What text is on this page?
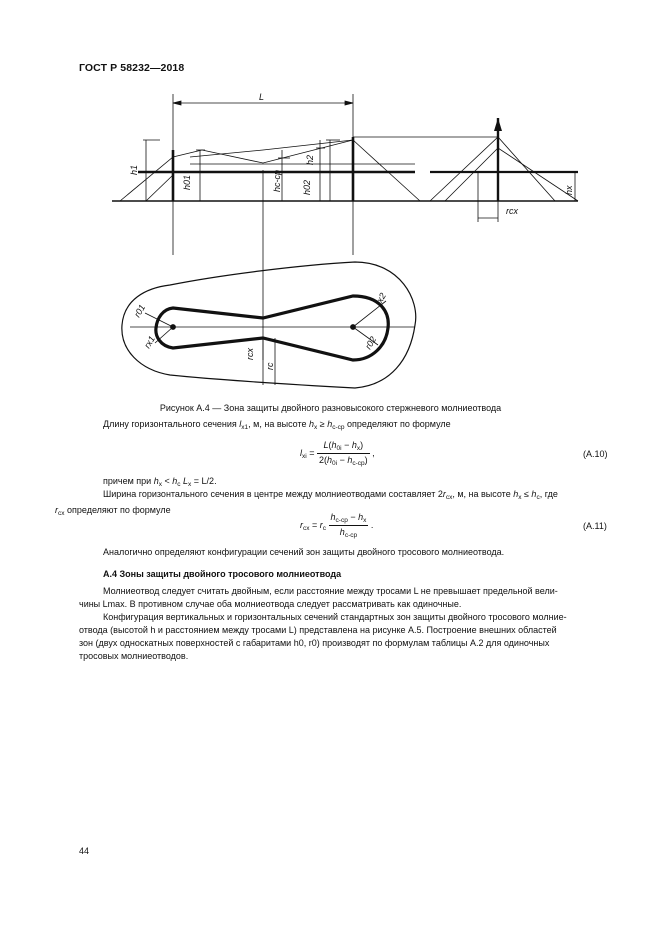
ГОСТ Р 58232—2018
L
h1
h01
h2
h02
hc-cp	hx
rcx
r01
rx1
rx2
r02
rcx
rc
Рисунок А.4 — Зона защиты двойного разновысокого стержневого молниеотвода
Длину горизонтального сечения $l_{x1}$, м, на высоте $h_x \ge h_{c-cp}$ определяют по формуле
$l_{xi} = \frac{L(h_{0i} - h_x)}{2(h_{0i} - h_{c-cp})}$ ,	(А.10)
причем при $h_x < h_c$ $L_x = L/2$.
Ширина горизонтального сечения в центре между молниеотводами составляет $2r_{cx}$, м, на высоте $h_x \le h_c$, где
$r_{cx}$ определяют по формуле
$r_{cx} = r_c \frac{h_{c-cp} - h_x}{h_{c-cp}}$ .	(А.11)
Аналогично определяют конфигурации сечений зон защиты двойного тросового молниеотвода.
А.4 Зоны защиты двойного тросового молниеотвода
Молниеотвод следует считать двойным, если расстояние между тросами L не превышает предельной вели-
чины Lmax. В противном случае оба молниеотвода следует рассматривать как одиночные.
Конфигурация вертикальных и горизонтальных сечений стандартных зон защиты двойного тросового молние-
отвода (высотой h и расстоянием между тросами L) представлена на рисунке А.5. Построение внешних областей
зон (двух односкатных поверхностей с габаритами h0, r0) производят по формулам таблицы А.2 для одиночных
тросовых молниеотводов.
44
